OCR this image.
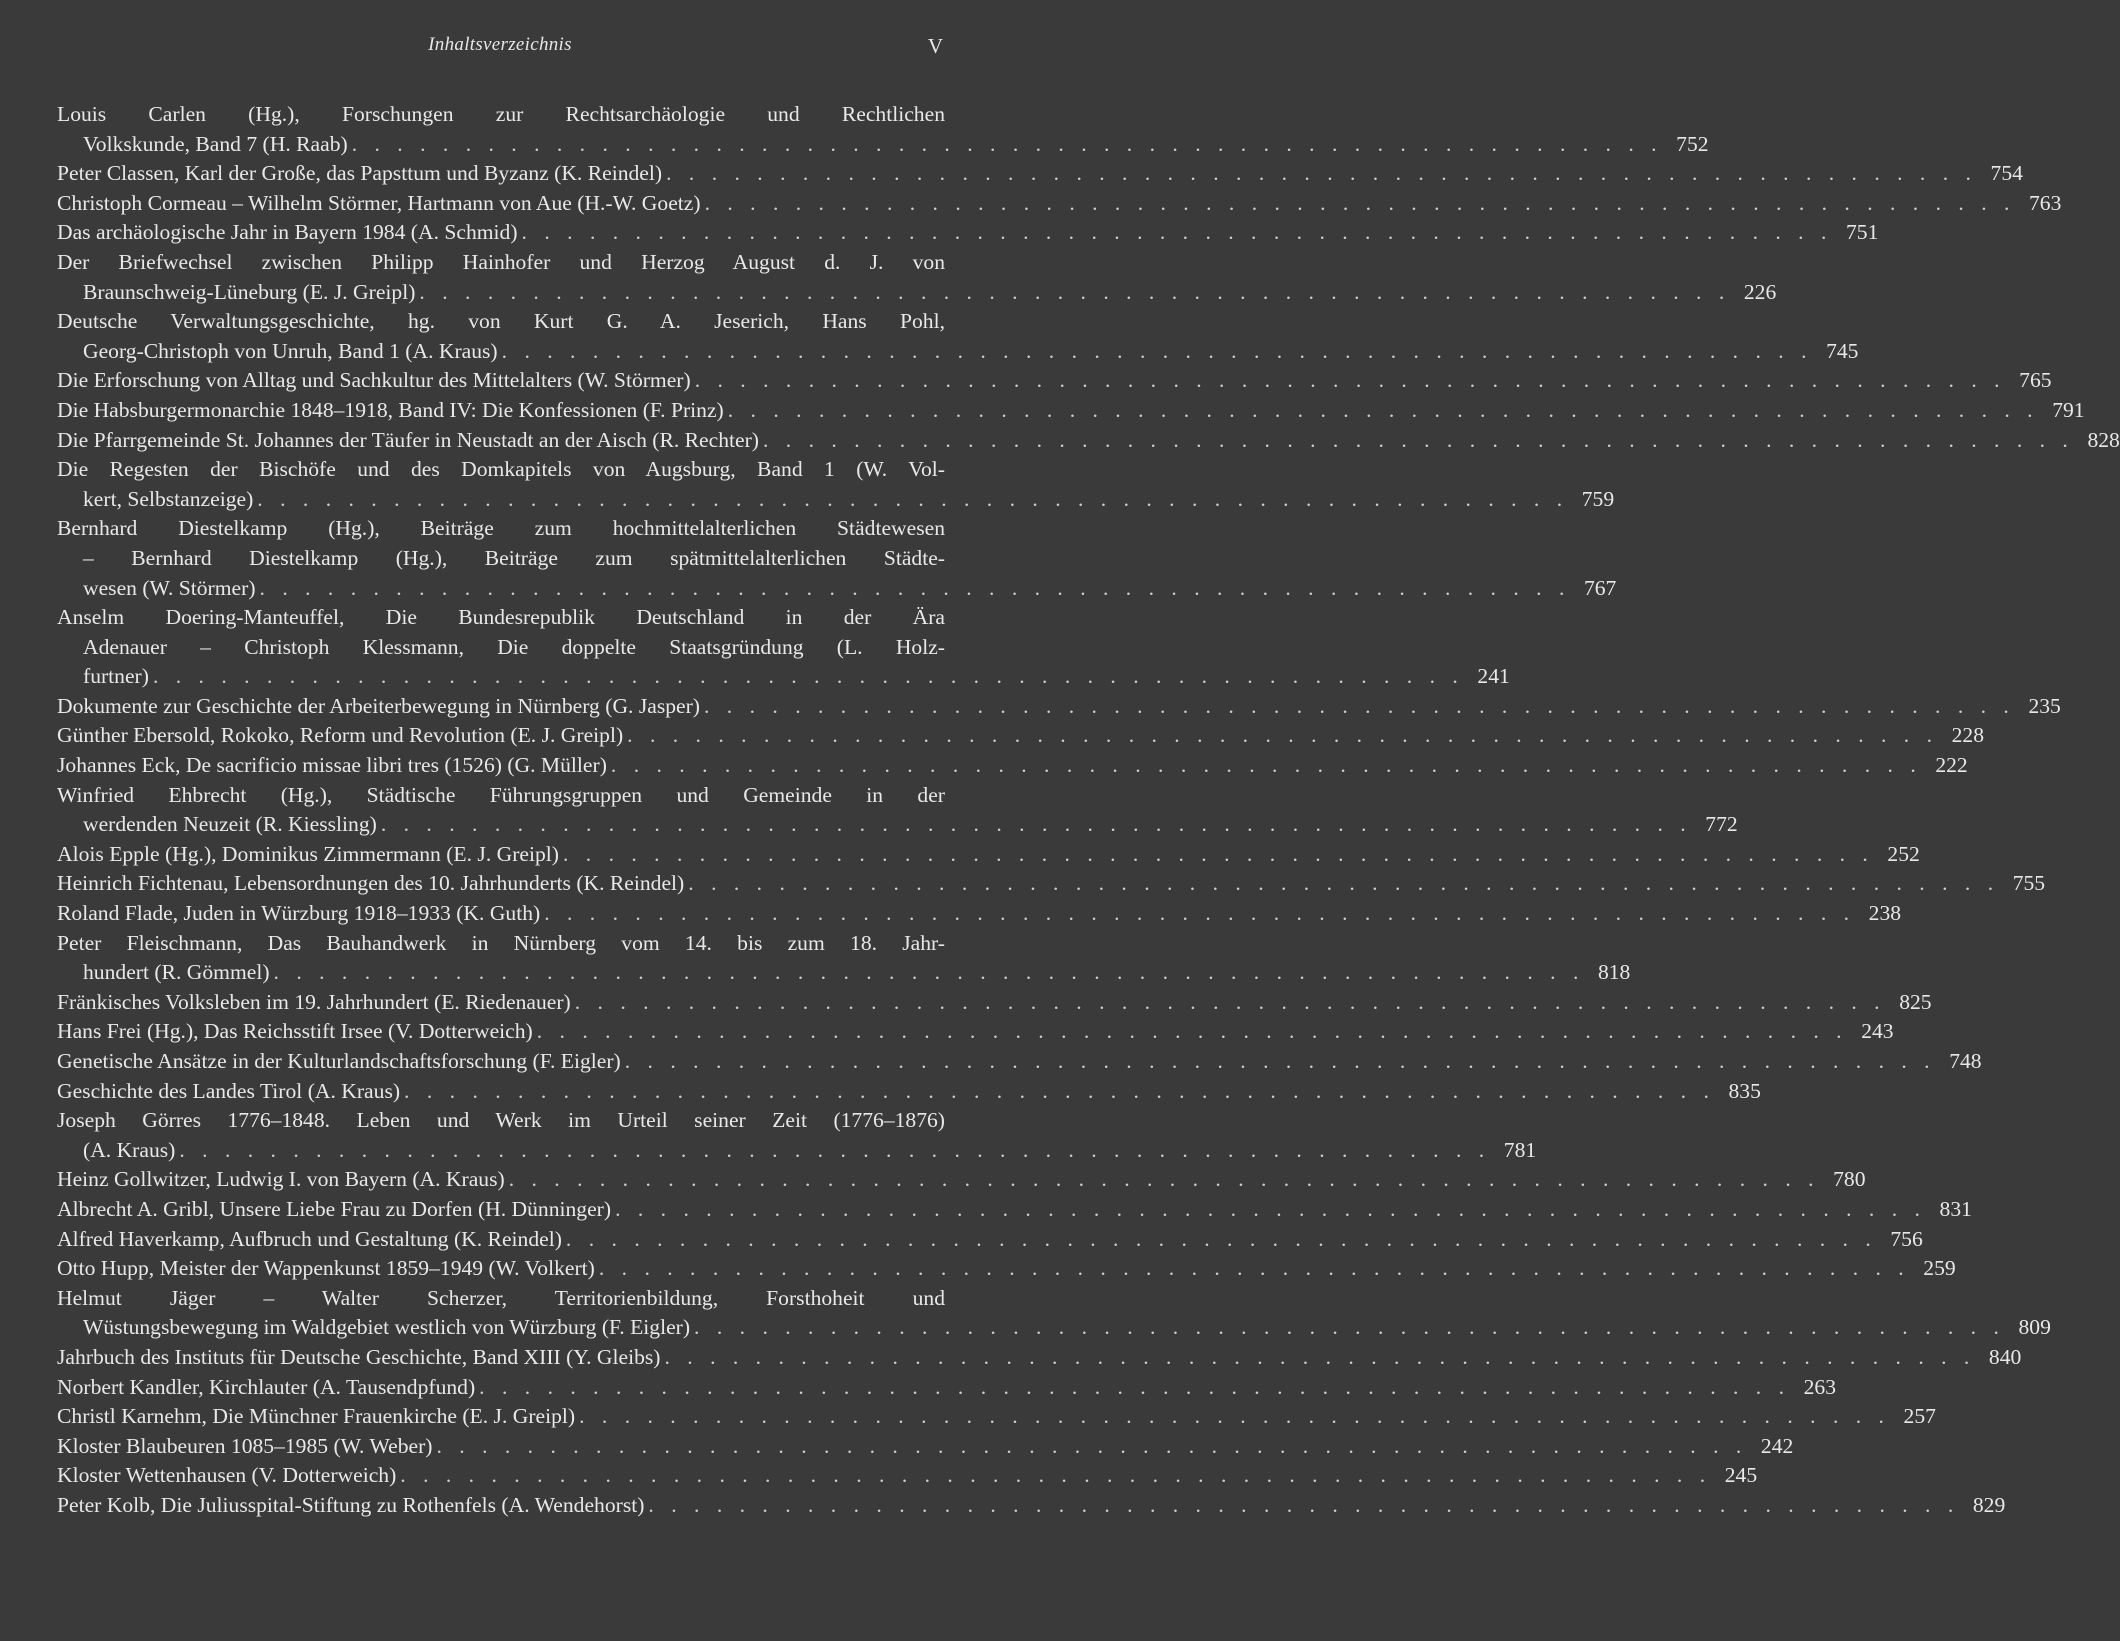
Inhaltsverzeichnis	V
Louis Carlen (Hg.), Forschungen zur Rechtsarchäologie und Rechtlichen
Volkskunde, Band 7 (H. Raab) . . . . . . . . . . . . . . . . . . . . . . . . . . . . . . . . . . . . . . . . . . . . . . . . . . . . . . . . . . 752
Peter Classen, Karl der Große, das Papsttum und Byzanz (K. Reindel) . . . . . . . . . . . . . . . . . . . . . . . . . . . . . . . . . . . . . . . . . . . . . . . . . . . . . . . . . . 754
Christoph Cormeau – Wilhelm Störmer, Hartmann von Aue (H.-W. Goetz) . . . . . . . . . . . . . . . . . . . . . . . . . . . . . . . . . . . . . . . . . . . . . . . . . . . . . . . . . . 763
Das archäologische Jahr in Bayern 1984 (A. Schmid) . . . . . . . . . . . . . . . . . . . . . . . . . . . . . . . . . . . . . . . . . . . . . . . . . . . . . . . . . . 751
Der Briefwechsel zwischen Philipp Hainhofer und Herzog August d. J. von
Braunschweig-Lüneburg (E. J. Greipl) . . . . . . . . . . . . . . . . . . . . . . . . . . . . . . . . . . . . . . . . . . . . . . . . . . . . . . . . . . 226
Deutsche Verwaltungsgeschichte, hg. von Kurt G. A. Jeserich, Hans Pohl,
Georg-Christoph von Unruh, Band 1 (A. Kraus) . . . . . . . . . . . . . . . . . . . . . . . . . . . . . . . . . . . . . . . . . . . . . . . . . . . . . . . . . . 745
Die Erforschung von Alltag und Sachkultur des Mittelalters (W. Störmer) . . . . . . . . . . . . . . . . . . . . . . . . . . . . . . . . . . . . . . . . . . . . . . . . . . . . . . . . . . 765
Die Habsburgermonarchie 1848–1918, Band IV: Die Konfessionen (F. Prinz) . . . . . . . . . . . . . . . . . . . . . . . . . . . . . . . . . . . . . . . . . . . . . . . . . . . . . . . . . . 791
Die Pfarrgemeinde St. Johannes der Täufer in Neustadt an der Aisch (R. Rechter) . . . . . . . . . . . . . . . . . . . . . . . . . . . . . . . . . . . . . . . . . . . . . . . . . . . . . . . . . . 828
Die Regesten der Bischöfe und des Domkapitels von Augsburg, Band 1 (W. Vol-
kert, Selbstanzeige) . . . . . . . . . . . . . . . . . . . . . . . . . . . . . . . . . . . . . . . . . . . . . . . . . . . . . . . . . . 759
Bernhard Diestelkamp (Hg.), Beiträge zum hochmittelalterlichen Städtewesen
– Bernhard Diestelkamp (Hg.), Beiträge zum spätmittelalterlichen Städte-
wesen (W. Störmer) . . . . . . . . . . . . . . . . . . . . . . . . . . . . . . . . . . . . . . . . . . . . . . . . . . . . . . . . . . 767
Anselm Doering-Manteuffel, Die Bundesrepublik Deutschland in der Ära
Adenauer – Christoph Klessmann, Die doppelte Staatsgründung (L. Holz-
furtner) . . . . . . . . . . . . . . . . . . . . . . . . . . . . . . . . . . . . . . . . . . . . . . . . . . . . . . . . . . 241
Dokumente zur Geschichte der Arbeiterbewegung in Nürnberg (G. Jasper) . . . . . . . . . . . . . . . . . . . . . . . . . . . . . . . . . . . . . . . . . . . . . . . . . . . . . . . . . . 235
Günther Ebersold, Rokoko, Reform und Revolution (E. J. Greipl) . . . . . . . . . . . . . . . . . . . . . . . . . . . . . . . . . . . . . . . . . . . . . . . . . . . . . . . . . . 228
Johannes Eck, De sacrificio missae libri tres (1526) (G. Müller) . . . . . . . . . . . . . . . . . . . . . . . . . . . . . . . . . . . . . . . . . . . . . . . . . . . . . . . . . . 222
Winfried Ehbrecht (Hg.), Städtische Führungsgruppen und Gemeinde in der
werdenden Neuzeit (R. Kiessling) . . . . . . . . . . . . . . . . . . . . . . . . . . . . . . . . . . . . . . . . . . . . . . . . . . . . . . . . . . 772
Alois Epple (Hg.), Dominikus Zimmermann (E. J. Greipl) . . . . . . . . . . . . . . . . . . . . . . . . . . . . . . . . . . . . . . . . . . . . . . . . . . . . . . . . . . 252
Heinrich Fichtenau, Lebensordnungen des 10. Jahrhunderts (K. Reindel) . . . . . . . . . . . . . . . . . . . . . . . . . . . . . . . . . . . . . . . . . . . . . . . . . . . . . . . . . . 755
Roland Flade, Juden in Würzburg 1918–1933 (K. Guth) . . . . . . . . . . . . . . . . . . . . . . . . . . . . . . . . . . . . . . . . . . . . . . . . . . . . . . . . . . 238
Peter Fleischmann, Das Bauhandwerk in Nürnberg vom 14. bis zum 18. Jahr-
hundert (R. Gömmel) . . . . . . . . . . . . . . . . . . . . . . . . . . . . . . . . . . . . . . . . . . . . . . . . . . . . . . . . . . 818
Fränkisches Volksleben im 19. Jahrhundert (E. Riedenauer) . . . . . . . . . . . . . . . . . . . . . . . . . . . . . . . . . . . . . . . . . . . . . . . . . . . . . . . . . . 825
Hans Frei (Hg.), Das Reichsstift Irsee (V. Dotterweich) . . . . . . . . . . . . . . . . . . . . . . . . . . . . . . . . . . . . . . . . . . . . . . . . . . . . . . . . . . 243
Genetische Ansätze in der Kulturlandschaftsforschung (F. Eigler) . . . . . . . . . . . . . . . . . . . . . . . . . . . . . . . . . . . . . . . . . . . . . . . . . . . . . . . . . . 748
Geschichte des Landes Tirol (A. Kraus) . . . . . . . . . . . . . . . . . . . . . . . . . . . . . . . . . . . . . . . . . . . . . . . . . . . . . . . . . . 835
Joseph Görres 1776–1848. Leben und Werk im Urteil seiner Zeit (1776–1876)
(A. Kraus) . . . . . . . . . . . . . . . . . . . . . . . . . . . . . . . . . . . . . . . . . . . . . . . . . . . . . . . . . . 781
Heinz Gollwitzer, Ludwig I. von Bayern (A. Kraus) . . . . . . . . . . . . . . . . . . . . . . . . . . . . . . . . . . . . . . . . . . . . . . . . . . . . . . . . . . 780
Albrecht A. Gribl, Unsere Liebe Frau zu Dorfen (H. Dünninger) . . . . . . . . . . . . . . . . . . . . . . . . . . . . . . . . . . . . . . . . . . . . . . . . . . . . . . . . . . 831
Alfred Haverkamp, Aufbruch und Gestaltung (K. Reindel) . . . . . . . . . . . . . . . . . . . . . . . . . . . . . . . . . . . . . . . . . . . . . . . . . . . . . . . . . . 756
Otto Hupp, Meister der Wappenkunst 1859–1949 (W. Volkert) . . . . . . . . . . . . . . . . . . . . . . . . . . . . . . . . . . . . . . . . . . . . . . . . . . . . . . . . . . 259
Helmut Jäger – Walter Scherzer, Territorienbildung, Forsthoheit und
Wüstungsbewegung im Waldgebiet westlich von Würzburg (F. Eigler) . . . . . . . . . . . . . . . . . . . . . . . . . . . . . . . . . . . . . . . . . . . . . . . . . . . . . . . . . . 809
Jahrbuch des Instituts für Deutsche Geschichte, Band XIII (Y. Gleibs) . . . . . . . . . . . . . . . . . . . . . . . . . . . . . . . . . . . . . . . . . . . . . . . . . . . . . . . . . . 840
Norbert Kandler, Kirchlauter (A. Tausendpfund) . . . . . . . . . . . . . . . . . . . . . . . . . . . . . . . . . . . . . . . . . . . . . . . . . . . . . . . . . . 263
Christl Karnehm, Die Münchner Frauenkirche (E. J. Greipl) . . . . . . . . . . . . . . . . . . . . . . . . . . . . . . . . . . . . . . . . . . . . . . . . . . . . . . . . . . 257
Kloster Blaubeuren 1085–1985 (W. Weber) . . . . . . . . . . . . . . . . . . . . . . . . . . . . . . . . . . . . . . . . . . . . . . . . . . . . . . . . . . 242
Kloster Wettenhausen (V. Dotterweich) . . . . . . . . . . . . . . . . . . . . . . . . . . . . . . . . . . . . . . . . . . . . . . . . . . . . . . . . . . 245
Peter Kolb, Die Juliusspital-Stiftung zu Rothenfels (A. Wendehorst) . . . . . . . . . . . . . . . . . . . . . . . . . . . . . . . . . . . . . . . . . . . . . . . . . . . . . . . . . . 829
